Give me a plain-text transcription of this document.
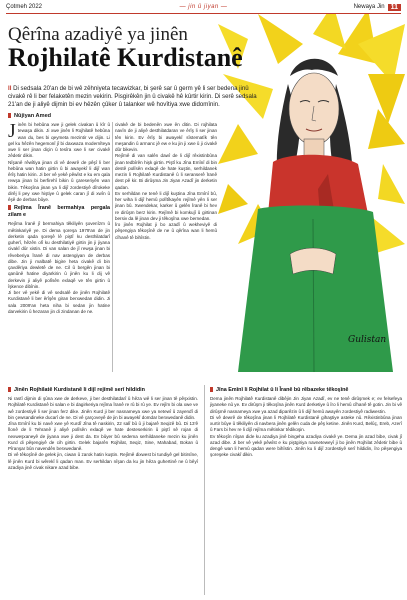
Çotmeh 2022	— jin û jiyan —	Newaya Jin 11
Gulistan
Qêrîna azadiyê ya jinên
Rojhilatê Kurdistanê
II Di sedsala 20'an de bi wê zêhniyeta tecawizkar, bi şerê sar û germ yê li ser bedena jinû civakê rê li ber felaketên mezin vekirin. Pisgirêkên jin û civakê hê kûrtir kirin. Di serê sedsala 21'an de ji aliyê dijmin bi ev hêzên çûker û talanker wê hovîtiya xwe didomînin.
Nûjiyan Amed

Jinên bi hebûna xwe ji gelek civakan û kîr û tewaşa dikin. Ji xwe jinên li Rojhilatê hebûna wan du, bes bi qeymeta mezintir ve dijin. Li gel ku hêzên hegemonî jî bi daxwaza modernîteya xwe li ser jinan diçin û tesîra xwe li ser civakê zêdetir dikin.

Nîşanê rêwîtiya jinan di vê dewrê de pêşî li ber hebûna wan hatin girtin û bi awayekî li dijî wan êrîş hatin kirin. Ji ber vê yekê pêwîst e ku em qala rewşa jinan bi berfirehî bikin û çareseriyên wan bikin. Têkoşîna jinan ya li dijî zordestiyê dîrokeke dirêj li pey xwe hiştiye û gelek caran jî di xwîn û êşê de derbas bûye.

Rejîma Îranê bermahiya pergala zilam e

Rejîma Îranê jî bermahiya têkiliyên şovenîzm û mêtinkariyê ye. Di dema şoreşa 1979'an de jin derketin qada şoreşê lê piştî ku desthilatdarî guherî, hêzên olî ku desthilatiyê girtin jin ji jiyana civakî dûr xistin. Di van salan de jî rewşa jinan bi rêveberiya Îranê di nav astengiyan de derbas dibe. Jin ji malbatê bigire heta civakê di bin çavdêriya dewletê de ne. Cil û bergên jinan bi qanûnê hatine diyarkirin û jinên ku li dij vê derkevin ji aliyê polîsên exlaqê ve tên girtin û îşkence dibînin.

Ji ber vê yekê di vê sedsalê de jinên Rojhilatê Kurdistanê li ber êrîşên giran berxwedan didin. Ji sala 2009'an heta niha bi sedan jin hatine darvekirin û hezaran jin di zindanan de ne.

civakê de bi bedenên xwe ên ditin. Di rojhilata navîn de ji aliyê desthilatdaran ve êrîş li ser jinan tên kirin. Ev êrîş bi awayekî sîstematîk tên meşandin û armanc jê ew e ku jin ji xwe û ji civakê dûr bikevin.

Rejîmê di van salên dawî de li dijî rêxistinbûna jinan tedbîrên hişk girtin. Piştî ku Jîna Emînî di bin destê polîsên exlaqê de hate kuştin, serhildanek mezin li Rojhilatê Kurdistanê û li seranserê Îranê dest pê kir. Bi dirûşma Jin Jiyan Azadî jin derketin qadan.

Ev serhildan ne tenê li dijî kuştina Jîna Emînî bû, her wiha li dijî hemû polîtîkayên rejîmê yên li ser jinan bû. Xwendekar, karker û gelên Îranê bi hev re dirûşm berz kirin. Rejîmê bi komkujî û girtinan bersiv da lê jinan dev ji têkoşîna xwe bernedan.

Îro jinên Rojhilat ji bo azadî û wekheviyê di pêşengiya têkoşînê de ne û qêrîna wan li hemû cîhanê tê bihîstin.

Jinên Rojhilatê Kurdistanê li dijî rejîmê serî hildidin

Ni rastî dijmin di şûna xwe de derkeve, ji ber desthilatdarî û hêza wê li ser jinan tê pêşxistin. Rojhilatê Kurdistanê bi salan e bi dagirkeriya rejîma Îranê re rû bi rû ye. Ev rejîm bi ola xwe ve wê zordestiyê li ser jinan ferz dike. Jinên Kurd ji ber nasnameya xwe ya netewî û zayendî di bin çewsandineke ducarî de ne. Di vê çarçoveyê de jin bi awayekî domdar berxwedanê didin.

Jîna Emînî ku bi navê xwe yê Kurdî Jîna tê naskirin, 22 salî bû û ji bajarê Seqizê bû. Di 13'ê Îlonê de li Tehranê ji aliyê polîsên exlaqê ve hate desteserkirin û piştî sê rojan di nexweşxaneyê de jiyana xwe ji dest da. Ev bûyer bû sedema serhildaneke mezin ku jinên Kurd di pêşengiyê de cih girtin. Gelek bajarên Rojhilat, Seqiz, Sine, Mahabad, Bokan û Pîranşar bûn navendên berxwedanê.

Di vê têkoşînê de gelek jin, ciwan û zarok hatin kuştin. Rejîmê dixwest bi tundiyê gel bitirsîne, lê jinên Kurd bi wêrekî li qadan man. Ev serhildan nîşan da ku jin hêza guhertinê ne û bêyî azadiya jinê civak nikare azad bibe.

Jîna Emînî li Rojhilat û li Îranê bû rêbazeke têkoşînê

Dema jinên Rojhilatê Kurdistanê dibêjin Jin Jiyan Azadî, ev ne tenê dirûşmek e; ev felsefeya jiyaneke nû ye. Ev dirûşm ji têkoşîna jinên Kurd derketiye û îro li hemû cîhanê tê gotin. Jin bi vê dirûşmê nasnameya xwe ya azad diparêzin û li dijî hemû awayên zordestiyê radiwestin.

Di vê dewrê de têkoşîna jinan li Rojhilatê Kurdistanê gihaştiye asteke nû. Rêxistinbûna jinan xurtir bûye û têkiliyên di navbera jinên gelên cuda de pêş ketine. Jinên Kurd, Belûç, Ereb, Azerî û Fars bi hev re li dijî rejîma mêtinkar têdikoşin.

Ev têkoşîn nîşan dide ku azadiya jinê bingeha azadiya civakê ye. Dema jin azad bibe, civak jî azad dibe. Ji ber vê yekê pêwîst e ku piştgiriya navneteweyî ji bo jinên Rojhilat zêdetir bibe û dengê wan li hemû qadan were bihîstin. Jinên ku li dijî zordestiyê serî hildidin, îro pêşengiya şoreşeke civakî dikin.
